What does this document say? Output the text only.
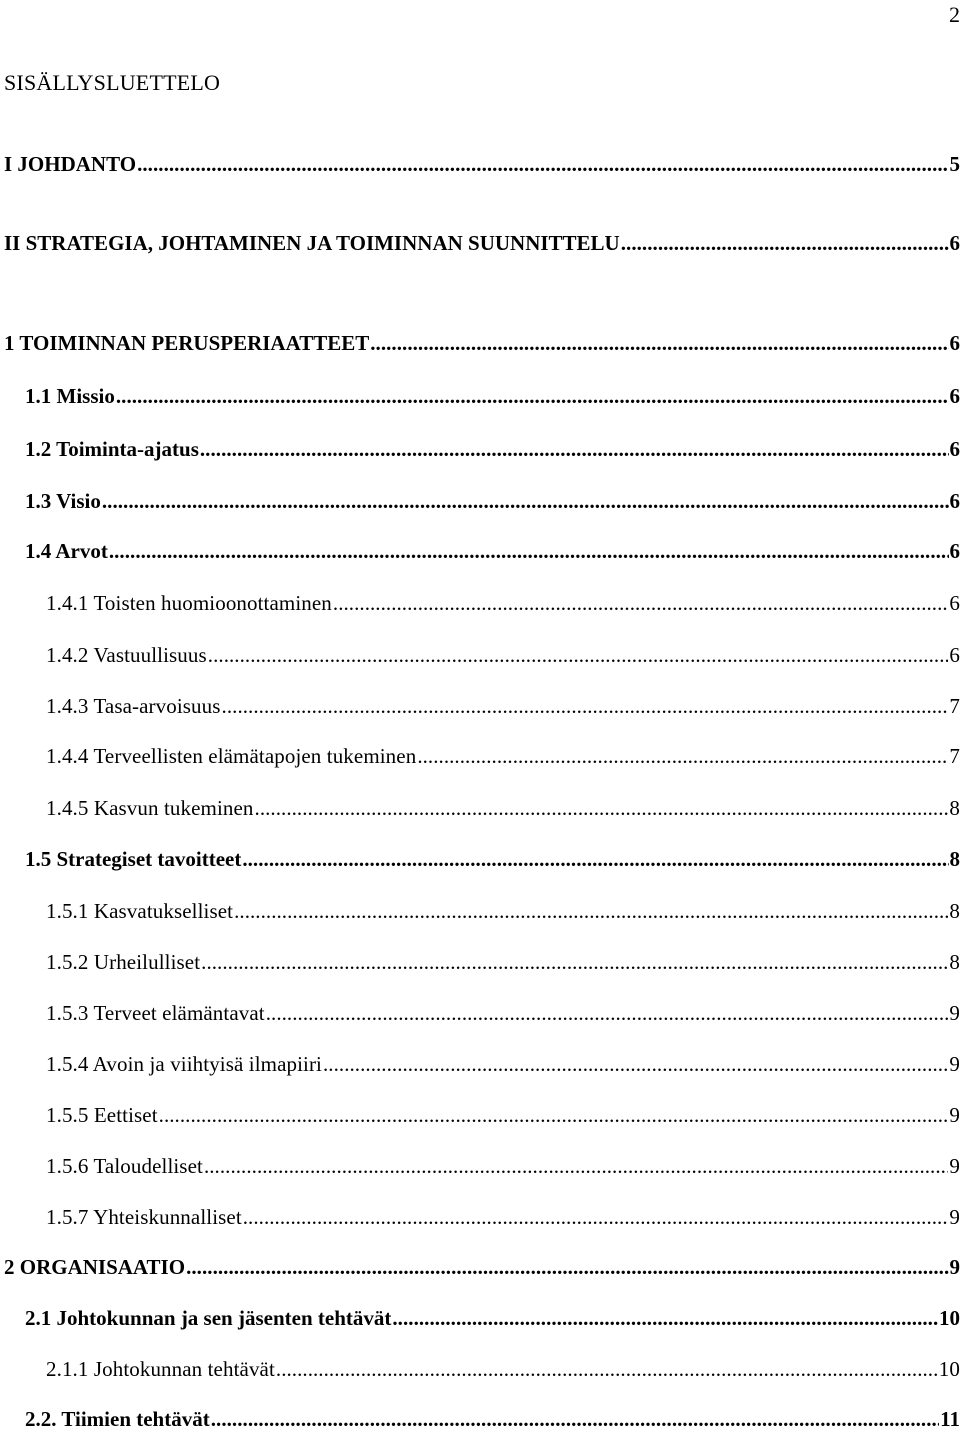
2
SISÄLLYSLUETTELO
I JOHDANTO . . .	5
II STRATEGIA, JOHTAMINEN JA TOIMINNAN SUUNNITTELU . . .	6
1 TOIMINNAN PERUSPERIAATTEET . . .	6
1.1 Missio . . .	6
1.2 Toiminta-ajatus . . .	6
1.3 Visio . . .	6
1.4 Arvot . . .	6
1.4.1 Toisten huomioonottaminen . . .	6
1.4.2 Vastuullisuus . . .	6
1.4.3 Tasa-arvoisuus . . .	7
1.4.4 Terveellisten elämätapojen tukeminen . . .	7
1.4.5 Kasvun tukeminen . . .	8
1.5 Strategiset tavoitteet . . .	8
1.5.1 Kasvatukselliset . . .	8
1.5.2 Urheilulliset . . .	8
1.5.3 Terveet elämäntavat . . .	9
1.5.4 Avoin ja viihtyisä ilmapiiri . . .	9
1.5.5 Eettiset . . .	9
1.5.6 Taloudelliset . . .	9
1.5.7 Yhteiskunnalliset . . .	9
2 ORGANISAATIO . . .	9
2.1 Johtokunnan ja sen jäsenten tehtävät . . .	10
2.1.1 Johtokunnan tehtävät . . .	10
2.2. Tiimien tehtävät . . .	11
